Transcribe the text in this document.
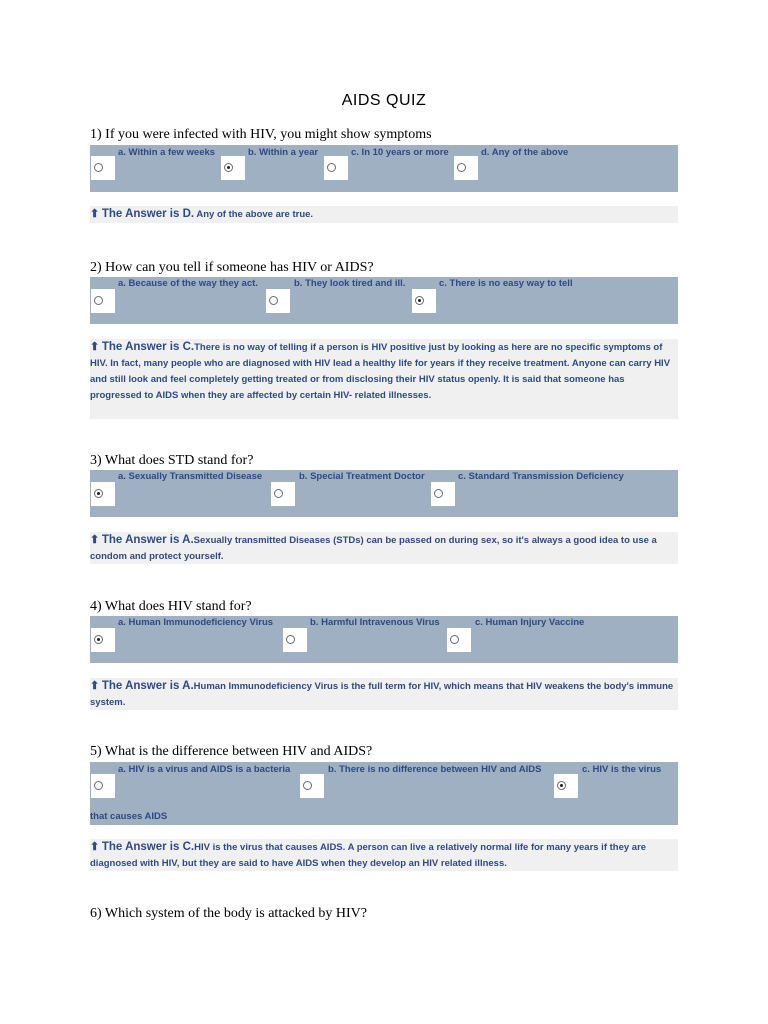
AIDS QUIZ
1) If you were infected with HIV, you might show symptoms
a. Within a few weeks	b. Within a year	c. In 10 years or more	d. Any of the above
⬆ The Answer is D. Any of the above are true.
2) How can you tell if someone has HIV or AIDS?
a. Because of the way they act.	b. They look tired and ill.	c. There is no easy way to tell
⬆ The Answer is C.There is no way of telling if a person is HIV positive just by looking as here are no specific symptoms of HIV. In fact, many people who are diagnosed with HIV lead a healthy life for years if they receive treatment. Anyone can carry HIV and still look and feel completely getting treated or from disclosing their HIV status openly. It is said that someone has progressed to AIDS when they are affected by certain HIV- related illnesses.
3) What does STD stand for?
a. Sexually Transmitted Disease	b. Special Treatment Doctor	c. Standard Transmission Deficiency
⬆ The Answer is A.Sexually transmitted Diseases (STDs) can be passed on during sex, so it's always a good idea to use a condom and protect yourself.
4) What does HIV stand for?
a. Human Immunodeficiency Virus	b. Harmful Intravenous Virus	c. Human Injury Vaccine
⬆ The Answer is A.Human Immunodeficiency Virus is the full term for HIV, which means that HIV weakens the body's immune system.
5) What is the difference between HIV and AIDS?
a. HIV is a virus and AIDS is a bacteria	b. There is no difference between HIV and AIDS	c. HIV is the virus
that causes AIDS
⬆ The Answer is C.HIV is the virus that causes AIDS. A person can live a relatively normal life for many years if they are diagnosed with HIV, but they are said to have AIDS when they develop an HIV related illness.
6) Which system of the body is attacked by HIV?
